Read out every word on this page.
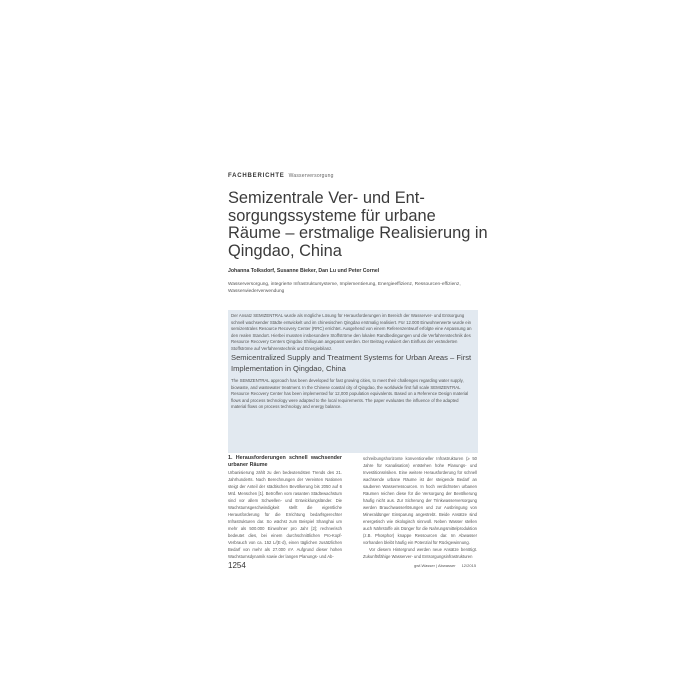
FACHBERICHTE Wasserversorgung
Semizentrale Ver- und Ent-sorgungssysteme für urbane Räume – erstmalige Realisierung in Qingdao, China
Johanna Tolksdorf, Susanne Bieker, Dan Lu und Peter Cornel
Wasserversorgung, integrierte Infrastruktursysteme, Implementierung, Energieeffizienz, Ressourcen-effizienz, Wasserwiederverwendung
Der Ansatz SEMIZENTRAL wurde als mögliche Lösung für Herausforderungen im Bereich der Wasserver- und Entsorgung schnell wachsender Städte entwickelt und im chinesischen Qingdao erstmalig realisiert. Für 12.000 Einwohnerwerte wurde ein semizentrales Resource Recovery Center (RRC) errichtet. Ausgehend von einem Referenzentwurf erfolgte eine Anpassung an den realen Standort. Hierbei mussten insbesondere Stoffströme den lokalen Randbedingungen und die Verfahrenstechnik des Resource Recovery Centers Qingdao Shiliuyuan angepasst werden. Der Beitrag evaluiert den Einfluss der veränderten Stoffströme auf Verfahrenstechnik und Energiebilanz.
Semicentralized Supply and Treatment Systems for Urban Areas – First Implementation in Qingdao, China
The SEMIZENTRAL approach has been developed for fast growing cities, to meet their challenges regarding water supply, biowaste, and wastewater treatment. In the Chinese coastal city of Qingdao, the worldwide first full scale SEMIZENTRAL Resource Recovery Center has been implemented for 12,000 population equivalents. Based on a Reference Design material flows and process technology were adapted to the local requirements. The paper evaluates the influence of the adapted material flows on process technology and energy balance.
1. Herausforderungen schnell wachsender urbaner Räume

Urbanisierung zählt zu den bedeutendsten Trends des 21. Jahrhunderts. Nach Berechnungen der Vereinten Nationen steigt der Anteil der städtischen Bevölkerung bis 2050 auf 6 Mrd. Menschen [1]. Betroffen vom rasanten Städtewachstum sind vor allem Schwellen- und Entwicklungsländer. Die Wachstumsgeschwindigkeit stellt die eigentliche Herausforderung für die Errichtung bedarfsgerechter Infrastrukturen dar. So wächst zum Beispiel Shanghai um mehr als 500.000 Einwohner pro Jahr [2]; rechnerisch bedeutet dies, bei einem durchschnittlichen Pro-Kopf-Verbrauch von ca. 152 L/(E·d), einen täglichen zusätzlichen Bedarf von mehr als 27.000 m³. Aufgrund dieser hohen Wachstumsdynamik sowie der langen Planungs- und Ab-

schreibungshorizonte konventioneller Infrastrukturen (≥ 50 Jahre für Kanalisation) entstehen hohe Planungs- und Investitionsrisiken. Eine weitere Herausforderung für schnell wachsende urbane Räume ist der steigende Bedarf an sauberen Wasserressourcen. In hoch verdichteten urbanen Räumen reichen diese für die Versorgung der Bevölkerung häufig nicht aus. Zur Sicherung der Trinkwasserversorgung werden Brauchwasserlösungen und zur Ausbringung von Mineraldünger Einsparung angestrebt. Beide Ansätze sind energetisch wie ökologisch sinnvoll. Neben Wasser stellen auch Nährstoffe als Dünger für die Nahrungsmittelproduktion (z.B. Phosphor) knappe Ressourcen dar. Im Abwasser vorhanden bleibt häufig ein Potenzial für Rückgewinnung.

Vor diesem Hintergrund werden neue Ansätze benötigt. Zukunftsfähige Wasserver- und Entsorgungsinfrastrukturen

1254	gwf-Wasser | Abwasser 12/2015
